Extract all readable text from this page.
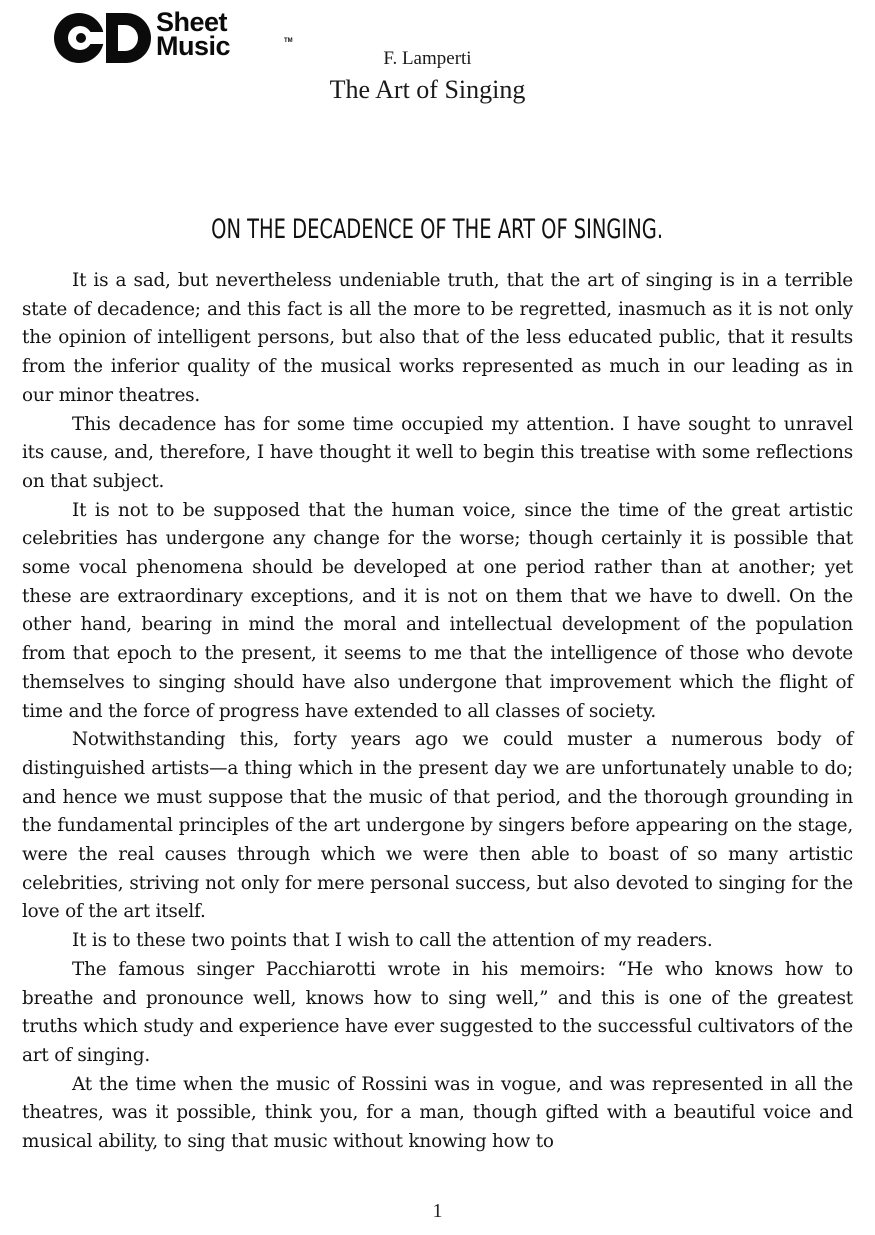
Sheet
Music	TM
F. Lamperti
The Art of Singing
ON THE DECADENCE OF THE ART OF SINGING.

It is a sad, but nevertheless undeniable truth, that the art of singing is in a terrible state of decadence; and this fact is all the more to be regretted, inasmuch as it is not only the opinion of intelligent persons, but also that of the less educated public, that it results from the inferior quality of the musical works represented as much in our leading as in our minor theatres.

This decadence has for some time occupied my attention. I have sought to unravel its cause, and, therefore, I have thought it well to begin this treatise with some reflections on that subject.

It is not to be supposed that the human voice, since the time of the great artistic celebrities has undergone any change for the worse; though certainly it is possible that some vocal phenomena should be developed at one period rather than at another; yet these are extraordinary exceptions, and it is not on them that we have to dwell. On the other hand, bearing in mind the moral and intellectual development of the population from that epoch to the present, it seems to me that the intelligence of those who devote themselves to singing should have also undergone that improvement which the flight of time and the force of progress have extended to all classes of society.

Notwithstanding this, forty years ago we could muster a numerous body of distinguished artists—a thing which in the present day we are unfortunately unable to do; and hence we must suppose that the music of that period, and the thorough grounding in the fundamental principles of the art undergone by singers before appearing on the stage, were the real causes through which we were then able to boast of so many artistic celebrities, striving not only for mere personal success, but also devoted to singing for the love of the art itself.

It is to these two points that I wish to call the attention of my readers.

The famous singer Pacchiarotti wrote in his memoirs: “He who knows how to breathe and pronounce well, knows how to sing well,” and this is one of the greatest truths which study and experience have ever suggested to the successful cultivators of the art of singing.

At the time when the music of Rossini was in vogue, and was represented in all the theatres, was it possible, think you, for a man, though gifted with a beautiful voice and musical ability, to sing that music without knowing how to

1
